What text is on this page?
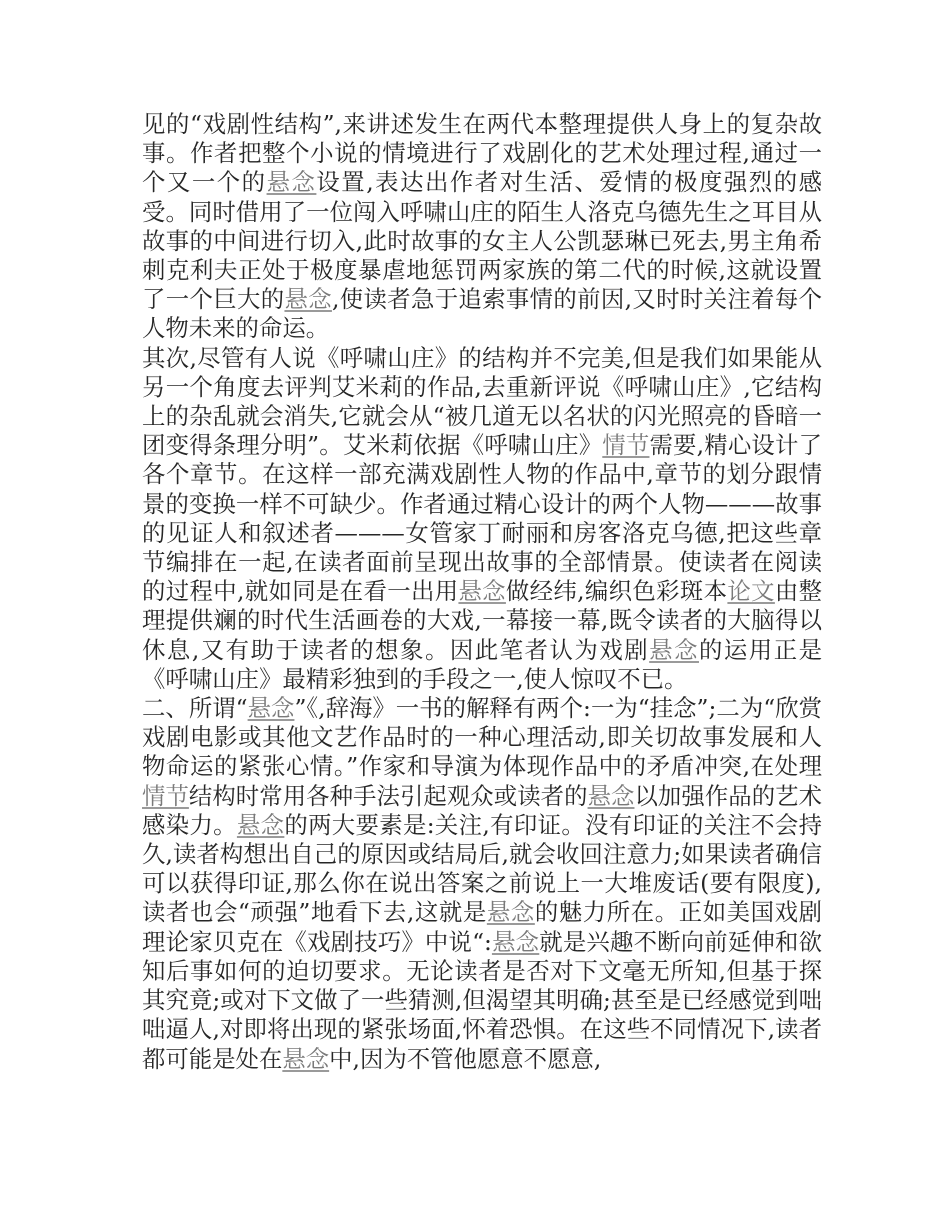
见的“戏剧性结构”,来讲述发生在两代本整理提供人身上的复杂故事。作者把整个小说的情境进行了戏剧化的艺术处理过程,通过一个又一个的悬念设置,表达出作者对生活、爱情的极度强烈的感受。同时借用了一位闯入呼啸山庄的陌生人洛克乌德先生之耳目从故事的中间进行切入,此时故事的女主人公凯瑟琳已死去,男主角希刺克利夫正处于极度暴虐地惩罚两家族的第二代的时候,这就设置了一个巨大的悬念,使读者急于追索事情的前因,又时时关注着每个人物未来的命运。

其次,尽管有人说《呼啸山庄》的结构并不完美,但是我们如果能从另一个角度去评判艾米莉的作品,去重新评说《呼啸山庄》,它结构上的杂乱就会消失,它就会从“被几道无以名状的闪光照亮的昏暗一团变得条理分明”。艾米莉依据《呼啸山庄》情节需要,精心设计了各个章节。在这样一部充满戏剧性人物的作品中,章节的划分跟情景的变换一样不可缺少。作者通过精心设计的两个人物———故事的见证人和叙述者———女管家丁耐丽和房客洛克乌德,把这些章节编排在一起,在读者面前呈现出故事的全部情景。使读者在阅读的过程中,就如同是在看一出用悬念做经纬,编织色彩斑本论文由整理提供斓的时代生活画卷的大戏,一幕接一幕,既令读者的大脑得以休息,又有助于读者的想象。因此笔者认为戏剧悬念的运用正是《呼啸山庄》最精彩独到的手段之一,使人惊叹不已。

二、所谓“悬念”《,辞海》一书的解释有两个:一为“挂念”;二为“欣赏戏剧电影或其他文艺作品时的一种心理活动,即关切故事发展和人物命运的紧张心情。”作家和导演为体现作品中的矛盾冲突,在处理情节结构时常用各种手法引起观众或读者的悬念以加强作品的艺术感染力。悬念的两大要素是:关注,有印证。没有印证的关注不会持久,读者构想出自己的原因或结局后,就会收回注意力;如果读者确信可以获得印证,那么你在说出答案之前说上一大堆废话(要有限度),读者也会“顽强”地看下去,这就是悬念的魅力所在。正如美国戏剧理论家贝克在《戏剧技巧》中说“:悬念就是兴趣不断向前延伸和欲知后事如何的迫切要求。无论读者是否对下文毫无所知,但基于探其究竟;或对下文做了一些猜测,但渴望其明确;甚至是已经感觉到咄咄逼人,对即将出现的紧张场面,怀着恐惧。在这些不同情况下,读者都可能是处在悬念中,因为不管他愿意不愿意,
